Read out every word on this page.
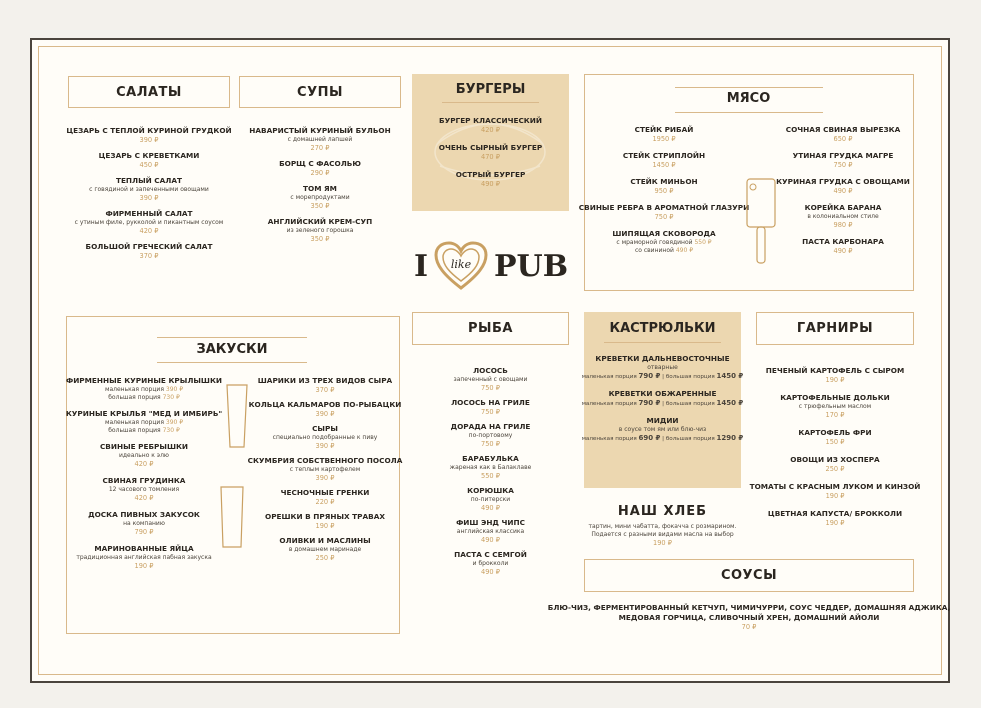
САЛАТЫ
ЦЕЗАРЬ С ТЕПЛОЙ КУРИНОЙ ГРУДКОЙ
390 ₽
ЦЕЗАРЬ С КРЕВЕТКАМИ
450 ₽
ТЕПЛЫЙ САЛАТ
с говядиной и запеченными овощами
390 ₽
ФИРМЕННЫЙ САЛАТ
с утиным филе, рукколой и пикантным соусом
420 ₽
БОЛЬШОЙ ГРЕЧЕСКИЙ САЛАТ
370 ₽
СУПЫ
НАВАРИСТЫЙ КУРИНЫЙ БУЛЬОН
с домашней лапшей
270 ₽
БОРЩ С ФАСОЛЬЮ
290 ₽
ТОМ ЯМ
с морепродуктами
350 ₽
АНГЛИЙСКИЙ КРЕМ-СУП
из зеленого горошка
350 ₽
БУРГЕРЫ
БУРГЕР КЛАССИЧЕСКИЙ
420 ₽
ОЧЕНЬ СЫРНЫЙ БУРГЕР
470 ₽
ОСТРЫЙ БУРГЕР
490 ₽
I	like PUB
МЯСО
СТЕЙК РИБАЙ
1950 ₽
СТЕЙК СТРИПЛОЙН
1450 ₽
СТЕЙК МИНЬОН
950 ₽
СВИНЫЕ РЕБРА В АРОМАТНОЙ ГЛАЗУРИ
750 ₽
ШИПЯЩАЯ СКОВОРОДА
с мраморной говядиной 550 ₽
со свининой 490 ₽
СОЧНАЯ СВИНАЯ ВЫРЕЗКА
650 ₽
УТИНАЯ ГРУДКА МАГРЕ
750 ₽
КУРИНАЯ ГРУДКА С ОВОЩАМИ
490 ₽
КОРЕЙКА БАРАНА
в колониальном стиле
980 ₽
ПАСТА КАРБОНАРА
490 ₽
ЗАКУСКИ
ФИРМЕННЫЕ КУРИНЫЕ КРЫЛЫШКИ
маленькая порция 390 ₽
большая порция 730 ₽
КУРИНЫЕ КРЫЛЬЯ "МЕД И ИМБИРЬ"
маленькая порция 390 ₽
большая порция 730 ₽
СВИНЫЕ РЕБРЫШКИ
идеально к элю
420 ₽
СВИНАЯ ГРУДИНКА
12 часового томления
420 ₽
ДОСКА ПИВНЫХ ЗАКУСОК
на компанию
790 ₽
МАРИНОВАННЫЕ ЯЙЦА
традиционная английская пабная закуска
190 ₽
ШАРИКИ ИЗ ТРЕХ ВИДОВ СЫРА
370 ₽
КОЛЬЦА КАЛЬМАРОВ ПО-РЫБАЦКИ
390 ₽
СЫРЫ
специально подобранные к пиву
390 ₽
СКУМБРИЯ СОБСТВЕННОГО ПОСОЛА
с теплым картофелем
390 ₽
ЧЕСНОЧНЫЕ ГРЕНКИ
220 ₽
ОРЕШКИ В ПРЯНЫХ ТРАВАХ
190 ₽
ОЛИВКИ И МАСЛИНЫ
в домашнем маринаде
250 ₽
РЫБА
ЛОСОСЬ
запеченный с овощами
750 ₽
ЛОСОСЬ НА ГРИЛЕ
750 ₽
ДОРАДА НА ГРИЛЕ
по-портовому
750 ₽
БАРАБУЛЬКА
жареная как в Балаклаве
550 ₽
КОРЮШКА
по-питерски
490 ₽
ФИШ ЭНД ЧИПС
английская классика
490 ₽
ПАСТА С СЕМГОЙ
и брокколи
490 ₽
КАСТРЮЛЬКИ
КРЕВЕТКИ ДАЛЬНЕВОСТОЧНЫЕ
отварные
маленькая порция 790 ₽ | большая порция 1450 ₽
КРЕВЕТКИ ОБЖАРЕННЫЕ
маленькая порция 790 ₽ | большая порция 1450 ₽
МИДИИ
в соусе том ям или блю-чиз
маленькая порция 690 ₽ | большая порция 1290 ₽
ГАРНИРЫ
ПЕЧЕНЫЙ КАРТОФЕЛЬ С СЫРОМ
190 ₽
КАРТОФЕЛЬНЫЕ ДОЛЬКИ
с трюфельным маслом
170 ₽
КАРТОФЕЛЬ ФРИ
150 ₽
ОВОЩИ ИЗ ХОСПЕРА
250 ₽
ТОМАТЫ С КРАСНЫМ ЛУКОМ И КИНЗОЙ
190 ₽
ЦВЕТНАЯ КАПУСТА/ БРОККОЛИ
190 ₽
НАШ ХЛЕБ
тартин, мини чабатта, фокачча с розмарином.
Подается с разными видами масла на выбор
190 ₽
СОУСЫ
БЛЮ-ЧИЗ, ФЕРМЕНТИРОВАННЫЙ КЕТЧУП, ЧИМИЧУРРИ, СОУС ЧЕДДЕР, ДОМАШНЯЯ АДЖИКА,
МЕДОВАЯ ГОРЧИЦА, СЛИВОЧНЫЙ ХРЕН, ДОМАШНИЙ АЙОЛИ
70 ₽
